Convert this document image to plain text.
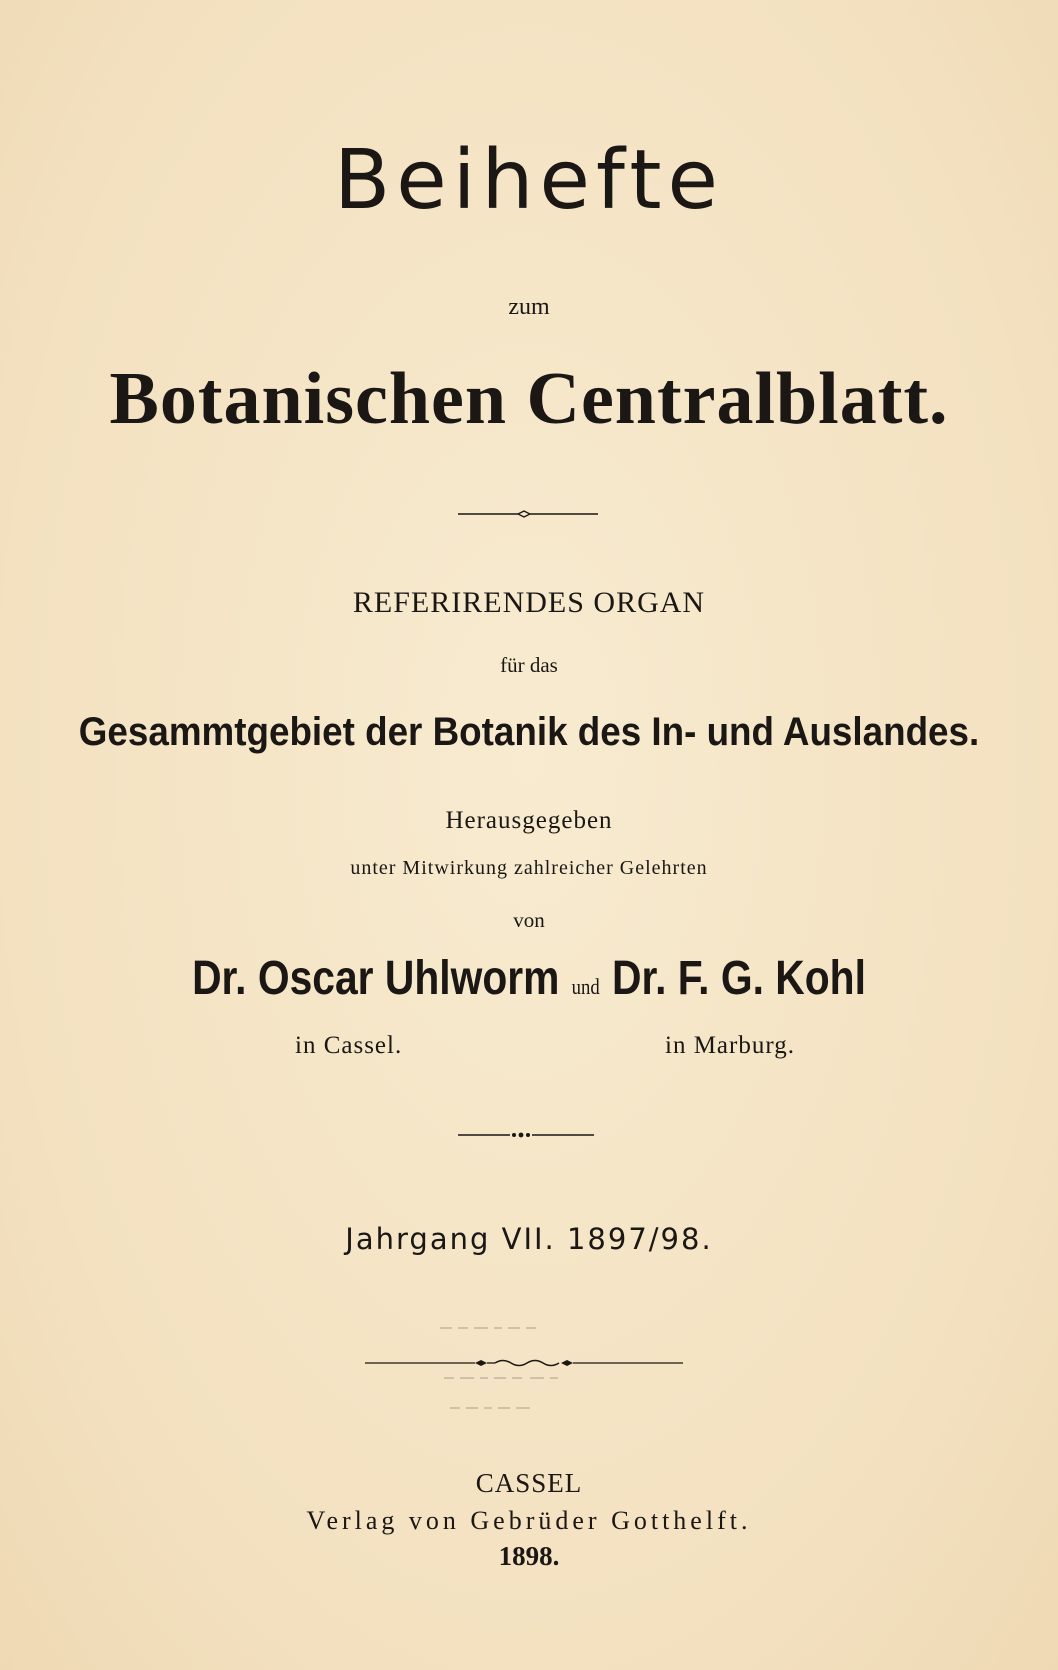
Beihefte
zum
Botanischen Centralblatt.
REFERIRENDES ORGAN
für das
Gesammtgebiet der Botanik des In- und Auslandes.
Herausgegeben
unter Mitwirkung zahlreicher Gelehrten
von
Dr. Oscar Uhlworm und Dr. F. G. Kohl
in Cassel.	in Marburg.
Jahrgang VII. 1897/98.
CASSEL
Verlag von Gebrüder Gotthelft.
1898.
